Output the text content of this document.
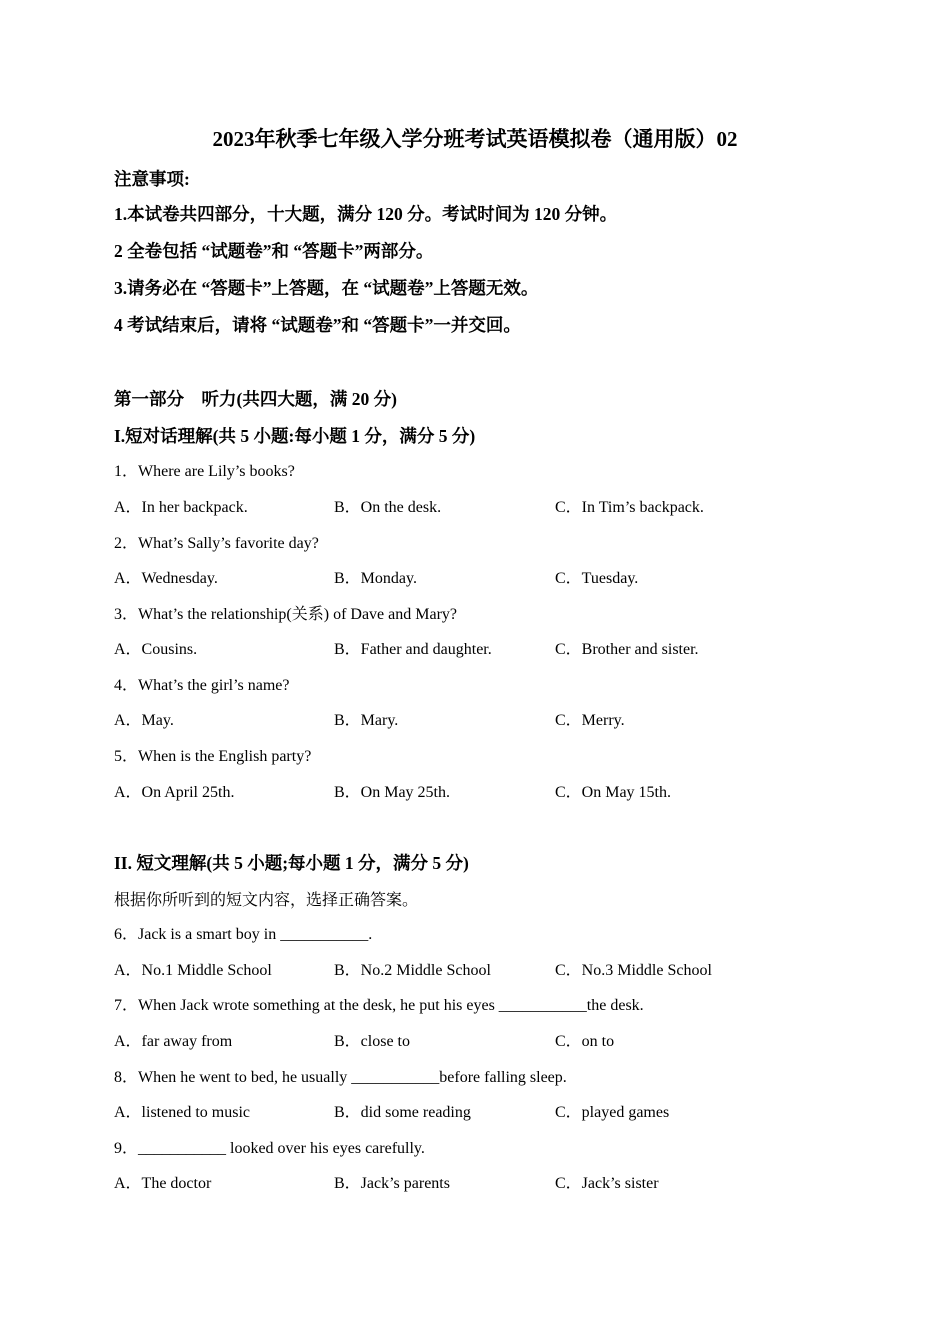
2023年秋季七年级入学分班考试英语模拟卷（通用版）02
注意事项:
1.本试卷共四部分，十大题，满分 120 分。考试时间为 120 分钟。
2 全卷包括 “试题卷”和 “答题卡”两部分。
3.请务必在 “答题卡”上答题，在 “试题卷”上答题无效。
4 考试结束后，请将 “试题卷”和 “答题卡”一并交回。
第一部分　听力(共四大题，满 20 分)
I.短对话理解(共 5 小题:每小题 1 分，满分 5 分)
1．Where are Lily’s books?
A．In her backpack.	B．On the desk.	C．In Tim’s backpack.
2．What’s Sally’s favorite day?
A．Wednesday.	B．Monday.	C．Tuesday.
3．What’s the relationship(关系) of Dave and Mary?
A．Cousins.	B．Father and daughter.	C．Brother and sister.
4．What’s the girl’s name?
A．May.	B．Mary.	C．Merry.
5．When is the English party?
A．On April 25th.	B．On May 25th.	C．On May 15th.
II. 短文理解(共 5 小题;每小题 1 分，满分 5 分)
根据你所听到的短文内容，选择正确答案。
6．Jack is a smart boy in ___________.
A．No.1 Middle School	B．No.2 Middle School	C．No.3 Middle School
7．When Jack wrote something at the desk, he put his eyes ___________the desk.
A．far away from	B．close to	C．on to
8．When he went to bed, he usually ___________before falling sleep.
A．listened to music	B．did some reading	C．played games
9．___________ looked over his eyes carefully.
A．The doctor	B．Jack’s parents	C．Jack’s sister
